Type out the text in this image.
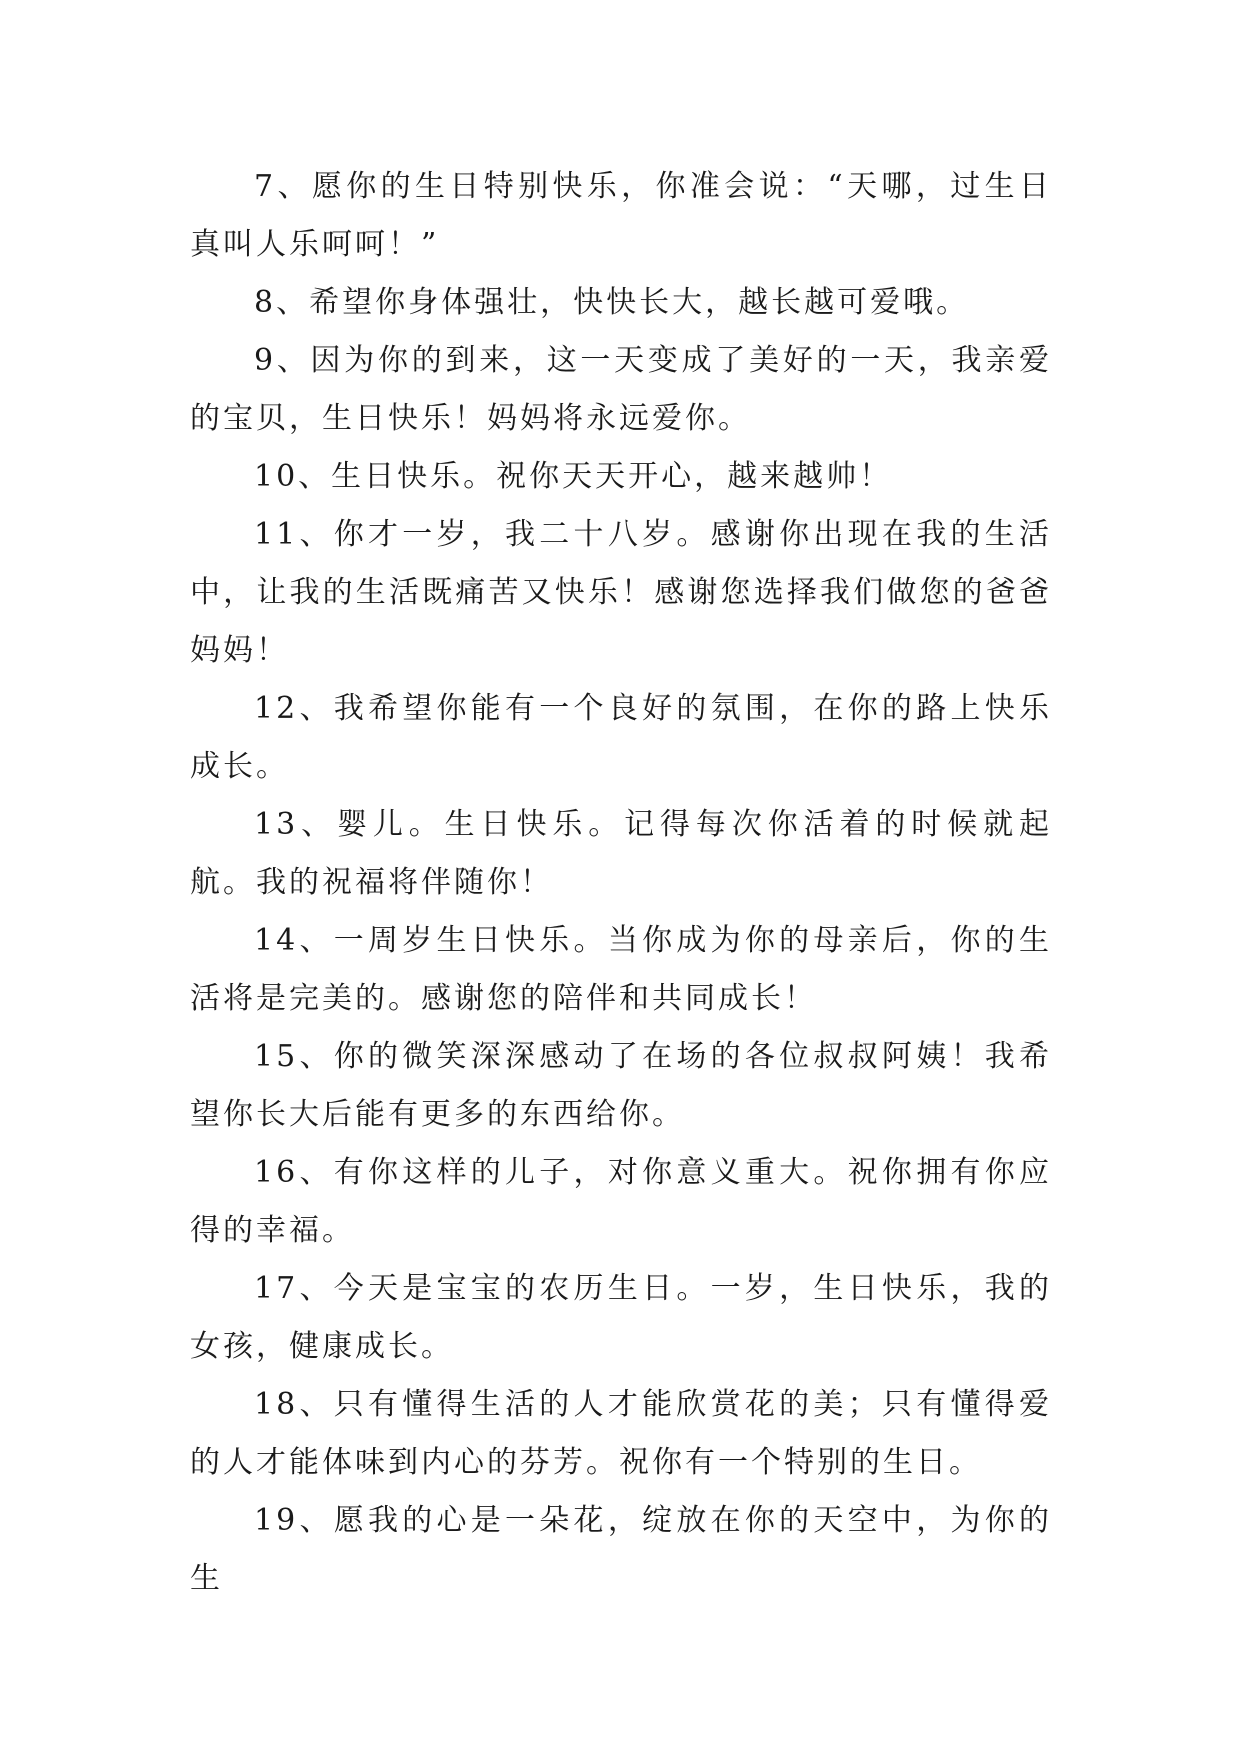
7、愿你的生日特别快乐，你准会说：“天哪，过生日真叫人乐呵呵！”

8、希望你身体强壮，快快长大，越长越可爱哦。

9、因为你的到来，这一天变成了美好的一天，我亲爱的宝贝，生日快乐！妈妈将永远爱你。

10、生日快乐。祝你天天开心，越来越帅！

11、你才一岁，我二十八岁。感谢你出现在我的生活中，让我的生活既痛苦又快乐！感谢您选择我们做您的爸爸妈妈！

12、我希望你能有一个良好的氛围，在你的路上快乐成长。

13、婴儿。生日快乐。记得每次你活着的时候就起航。我的祝福将伴随你！

14、一周岁生日快乐。当你成为你的母亲后，你的生活将是完美的。感谢您的陪伴和共同成长！

15、你的微笑深深感动了在场的各位叔叔阿姨！我希望你长大后能有更多的东西给你。

16、有你这样的儿子，对你意义重大。祝你拥有你应得的幸福。

17、今天是宝宝的农历生日。一岁，生日快乐，我的女孩，健康成长。

18、只有懂得生活的人才能欣赏花的美；只有懂得爱的人才能体味到内心的芬芳。祝你有一个特别的生日。

19、愿我的心是一朵花，绽放在你的天空中，为你的生
